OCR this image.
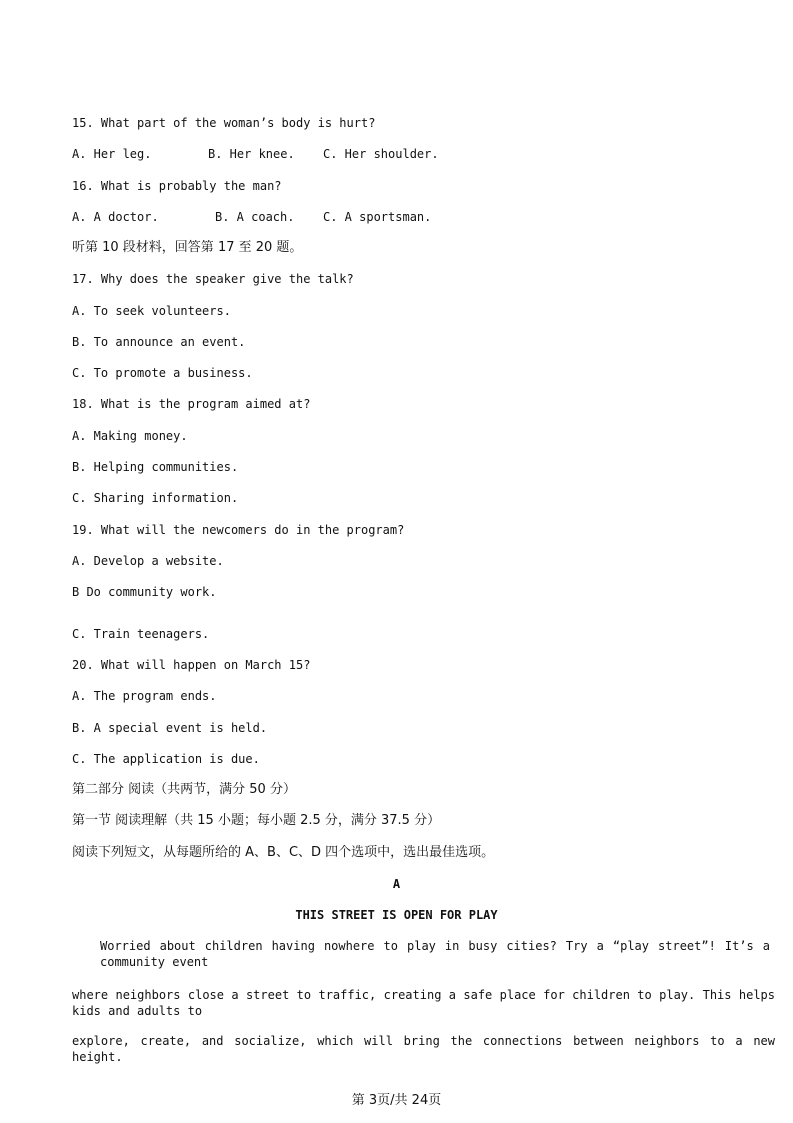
15. What part of the woman’s body is hurt?

A. Her leg.	B. Her knee. C. Her shoulder.

16. What is probably the man?

A. A doctor.	B. A coach. C. A sportsman.

听第 10 段材料，回答第 17 至 20 题。

17. Why does the speaker give the talk?

A. To seek volunteers.

B. To announce an event.

C. To promote a business.

18. What is the program aimed at?

A. Making money.

B. Helping communities.

C. Sharing information.

19. What will the newcomers do in the program?

A. Develop a website.

B Do community work.

C. Train teenagers.

20. What will happen on March 15?

A. The program ends.

B. A special event is held.

C. The application is due.

第二部分 阅读（共两节，满分 50 分）

第一节 阅读理解（共 15 小题；每小题 2.5 分，满分 37.5 分）

阅读下列短文，从每题所给的 A、B、C、D 四个选项中，选出最佳选项。

A

THIS STREET IS OPEN FOR PLAY

Worried about children having nowhere to play in busy cities? Try a “play street”! It’s a community event

where neighbors close a street to traffic, creating a safe place for children to play. This helps kids and adults to

explore, create, and socialize, which will bring the connections between neighbors to a new height.

第 3页/共 24页
